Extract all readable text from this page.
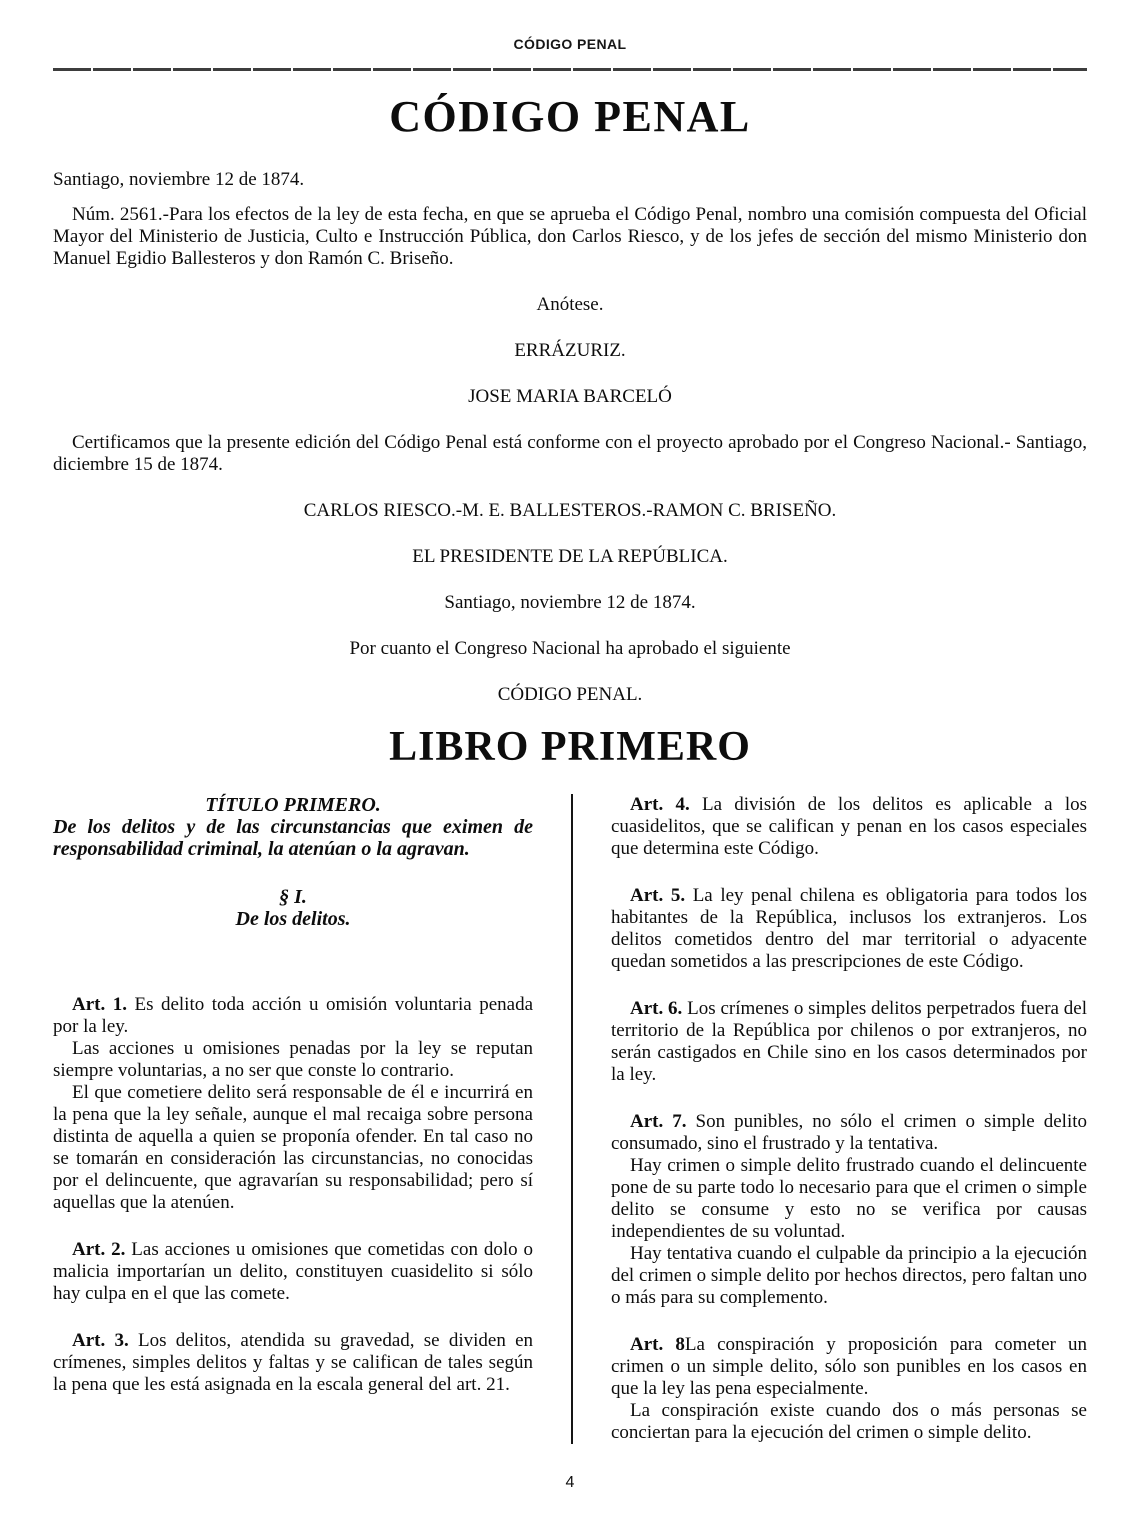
CÓDIGO PENAL
CÓDIGO PENAL

Santiago, noviembre 12 de 1874.

Núm. 2561.-Para los efectos de la ley de esta fecha, en que se aprueba el Código Penal, nombro una comisión compuesta del Oficial Mayor del Ministerio de Justicia, Culto e Instrucción Pública, don Carlos Riesco, y de los jefes de sección del mismo Ministerio don Manuel Egidio Ballesteros y don Ramón C. Briseño.

Anótese.

ERRÁZURIZ.

JOSE MARIA BARCELÓ

Certificamos que la presente edición del Código Penal está conforme con el proyecto aprobado por el Congreso Nacional.- Santiago, diciembre 15 de 1874.

CARLOS RIESCO.-M. E. BALLESTEROS.-RAMON C. BRISEÑO.

EL PRESIDENTE DE LA REPÚBLICA.

Santiago, noviembre 12 de 1874.

Por cuanto el Congreso Nacional ha aprobado el siguiente

CÓDIGO PENAL.

LIBRO PRIMERO

TÍTULO PRIMERO.

De los delitos y de las circunstancias que eximen de responsabilidad criminal, la atenúan o la agravan.

§ I.

De los delitos.

Art. 1. Es delito toda acción u omisión voluntaria penada por la ley.

Las acciones u omisiones penadas por la ley se reputan siempre voluntarias, a no ser que conste lo contrario.

El que cometiere delito será responsable de él e incurrirá en la pena que la ley señale, aunque el mal recaiga sobre persona distinta de aquella a quien se proponía ofender. En tal caso no se tomarán en consideración las circunstancias, no conocidas por el delincuente, que agravarían su responsabilidad; pero sí aquellas que la atenúen.

Art. 2. Las acciones u omisiones que cometidas con dolo o malicia importarían un delito, constituyen cuasidelito si sólo hay culpa en el que las comete.

Art. 3. Los delitos, atendida su gravedad, se dividen en crímenes, simples delitos y faltas y se califican de tales según la pena que les está asignada en la escala general del art. 21.

Art. 4. La división de los delitos es aplicable a los cuasidelitos, que se califican y penan en los casos especiales que determina este Código.

Art. 5. La ley penal chilena es obligatoria para todos los habitantes de la República, inclusos los extranjeros. Los delitos cometidos dentro del mar territorial o adyacente quedan sometidos a las prescripciones de este Código.

Art. 6. Los crímenes o simples delitos perpetrados fuera del territorio de la República por chilenos o por extranjeros, no serán castigados en Chile sino en los casos determinados por la ley.

Art. 7. Son punibles, no sólo el crimen o simple delito consumado, sino el frustrado y la tentativa.

Hay crimen o simple delito frustrado cuando el delincuente pone de su parte todo lo necesario para que el crimen o simple delito se consume y esto no se verifica por causas independientes de su voluntad.

Hay tentativa cuando el culpable da principio a la ejecución del crimen o simple delito por hechos directos, pero faltan uno o más para su complemento.

Art. 8La conspiración y proposición para cometer un crimen o un simple delito, sólo son punibles en los casos en que la ley las pena especialmente.

La conspiración existe cuando dos o más personas se conciertan para la ejecución del crimen o simple delito.

4
